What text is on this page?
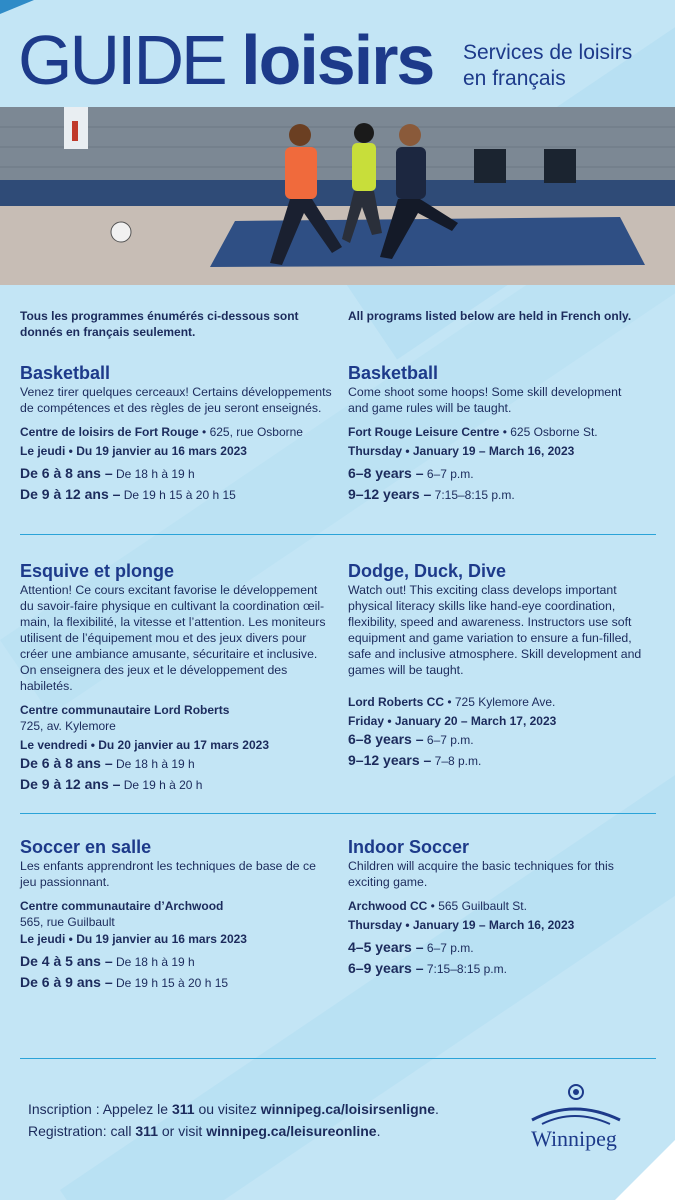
GUIDE loisirs Services de loisirs
en français
Tous les programmes énumérés ci-dessous sont donnés en français seulement.
All programs listed below are held in French only.
Basketball
Venez tirer quelques cerceaux! Certains développements de compétences et des règles de jeu seront enseignés.
Centre de loisirs de Fort Rouge • 625, rue Osborne
Le jeudi • Du 19 janvier au 16 mars 2023
De 6 à 8 ans – De 18 h à 19 h
De 9 à 12 ans – De 19 h 15 à 20 h 15
Basketball
Come shoot some hoops! Some skill development and game rules will be taught.
Fort Rouge Leisure Centre • 625 Osborne St.
Thursday • January 19 – March 16, 2023
6–8 years – 6–7 p.m.
9–12 years – 7:15–8:15 p.m.
Esquive et plonge
Attention! Ce cours excitant favorise le développement du savoir-faire physique en cultivant la coordination œil-main, la flexibilité, la vitesse et l’attention. Les moniteurs utilisent de l’équipement mou et des jeux divers pour créer une ambiance amusante, sécuritaire et inclusive. On enseignera des jeux et le développement des habiletés.
Centre communautaire Lord Roberts
725, av. Kylemore
Le vendredi • Du 20 janvier au 17 mars 2023
De 6 à 8 ans – De 18 h à 19 h
De 9 à 12 ans – De 19 h à 20 h
Dodge, Duck, Dive
Watch out! This exciting class develops important physical literacy skills like hand-eye coordination, flexibility, speed and awareness. Instructors use soft equipment and game variation to ensure a fun-filled, safe and inclusive atmosphere. Skill development and games will be taught.
Lord Roberts CC • 725 Kylemore Ave.
Friday • January 20 – March 17, 2023
6–8 years – 6–7 p.m.
9–12 years – 7–8 p.m.
Soccer en salle
Les enfants apprendront les techniques de base de ce jeu passionnant.
Centre communautaire d’Archwood
565, rue Guilbault
Le jeudi • Du 19 janvier au 16 mars 2023
De 4 à 5 ans – De 18 h à 19 h
De 6 à 9 ans – De 19 h 15 à 20 h 15
Indoor Soccer
Children will acquire the basic techniques for this exciting game.
Archwood CC • 565 Guilbault St.
Thursday • January 19 – March 16, 2023
4–5 years – 6–7 p.m.
6–9 years – 7:15–8:15 p.m.
Inscription : Appelez le 311 ou visitez winnipeg.ca/loisirsenligne.
Registration: call 311 or visit winnipeg.ca/leisureonline.	Winnipeg
